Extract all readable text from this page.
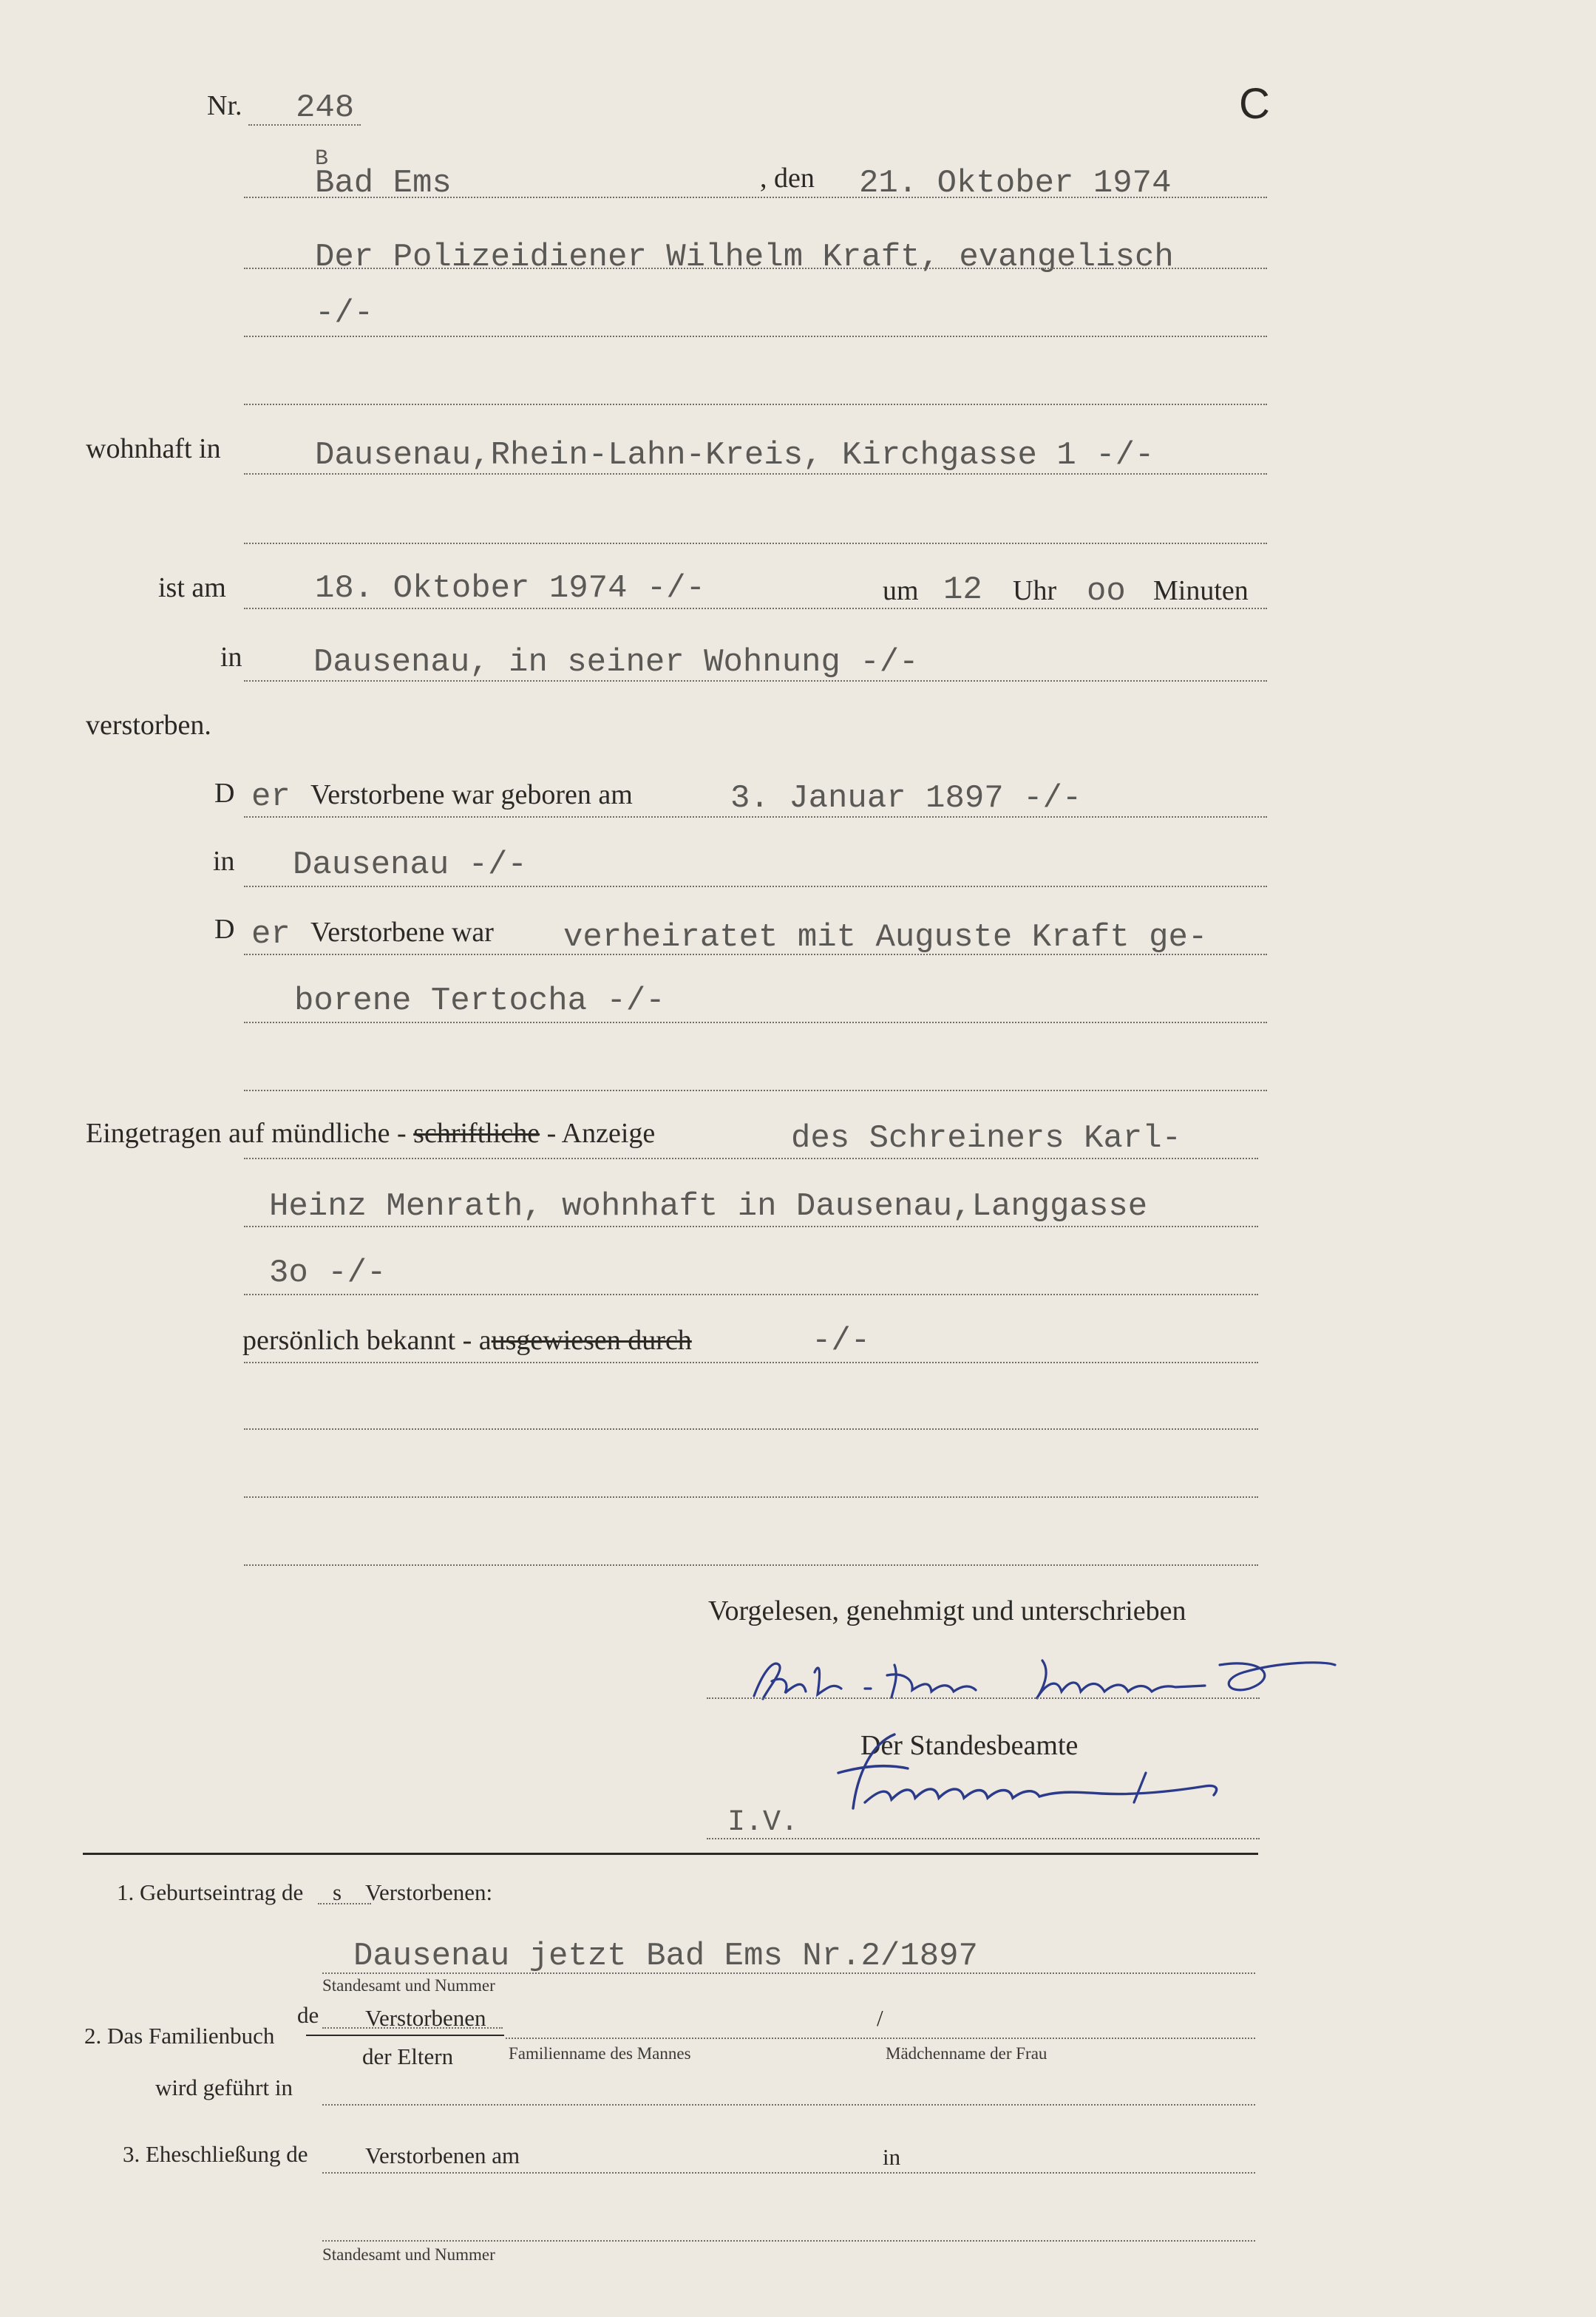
Nr. 248	C
B
Bad Ems	, den 21. Oktober 1974
Der Polizeidiener Wilhelm Kraft, evangelisch
-/-
wohnhaft in	Dausenau,Rhein-Lahn-Kreis, Kirchgasse 1 -/-
ist am	18. Oktober 1974 -/-	um 12 Uhr oo Minuten
in Dausenau, in seiner Wohnung -/-
verstorben.
D er Verstorbene war geboren am	3. Januar 1897 -/-
in Dausenau -/-
D er Verstorbene war verheiratet mit Auguste Kraft ge-
borene Tertocha -/-
Eingetragen auf mündliche - schriftliche - Anzeige	des Schreiners Karl-
Heinz Menrath, wohnhaft in Dausenau,Langgasse
3o -/-
persönlich bekannt - ausgewiesen durch	-/-
Vorgelesen, genehmigt und unterschrieben
Der Standesbeamte
I.V.
1. Geburtseintrag de s Verstorbenen:
Dausenau jetzt Bad Ems Nr.2/1897
Standesamt und Nummer
de Verstorbenen	/
2. Das Familienbuch
der Eltern	Familienname des Mannes	Mädchenname der Frau
wird geführt in
3. Eheschließung de Verstorbenen am	in
Standesamt und Nummer
